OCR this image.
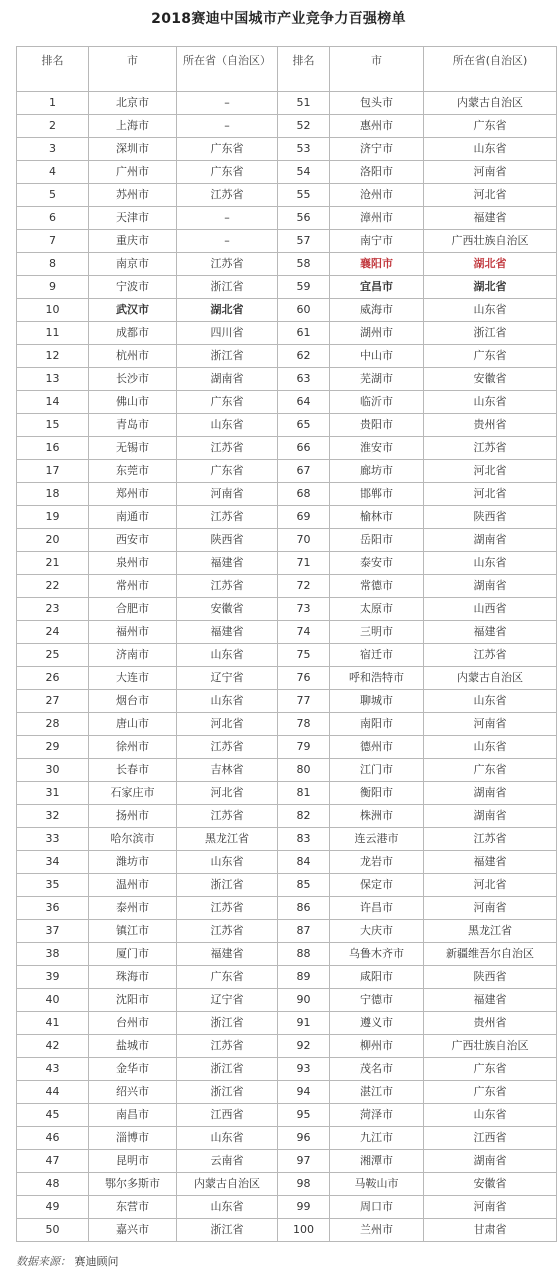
2018赛迪中国城市产业竞争力百强榜单
排名	市	所在省（自治区）	排名	市	所在省(自治区)
1	北京市	–	51	包头市	内蒙古自治区
2	上海市	–	52	惠州市	广东省
3	深圳市	广东省	53	济宁市	山东省
4	广州市	广东省	54	洛阳市	河南省
5	苏州市	江苏省	55	沧州市	河北省
6	天津市	–	56	漳州市	福建省
7	重庆市	–	57	南宁市	广西壮族自治区
8	南京市	江苏省	58	襄阳市	湖北省
9	宁波市	浙江省	59	宜昌市	湖北省
10	武汉市	湖北省	60	威海市	山东省
11	成都市	四川省	61	湖州市	浙江省
12	杭州市	浙江省	62	中山市	广东省
13	长沙市	湖南省	63	芜湖市	安徽省
14	佛山市	广东省	64	临沂市	山东省
15	青岛市	山东省	65	贵阳市	贵州省
16	无锡市	江苏省	66	淮安市	江苏省
17	东莞市	广东省	67	廊坊市	河北省
18	郑州市	河南省	68	邯郸市	河北省
19	南通市	江苏省	69	榆林市	陕西省
20	西安市	陕西省	70	岳阳市	湖南省
21	泉州市	福建省	71	泰安市	山东省
22	常州市	江苏省	72	常德市	湖南省
23	合肥市	安徽省	73	太原市	山西省
24	福州市	福建省	74	三明市	福建省
25	济南市	山东省	75	宿迁市	江苏省
26	大连市	辽宁省	76	呼和浩特市	内蒙古自治区
27	烟台市	山东省	77	聊城市	山东省
28	唐山市	河北省	78	南阳市	河南省
29	徐州市	江苏省	79	德州市	山东省
30	长春市	吉林省	80	江门市	广东省
31	石家庄市	河北省	81	衡阳市	湖南省
32	扬州市	江苏省	82	株洲市	湖南省
33	哈尔滨市	黑龙江省	83	连云港市	江苏省
34	潍坊市	山东省	84	龙岩市	福建省
35	温州市	浙江省	85	保定市	河北省
36	泰州市	江苏省	86	许昌市	河南省
37	镇江市	江苏省	87	大庆市	黑龙江省
38	厦门市	福建省	88	乌鲁木齐市	新疆维吾尔自治区
39	珠海市	广东省	89	咸阳市	陕西省
40	沈阳市	辽宁省	90	宁德市	福建省
41	台州市	浙江省	91	遵义市	贵州省
42	盐城市	江苏省	92	柳州市	广西壮族自治区
43	金华市	浙江省	93	茂名市	广东省
44	绍兴市	浙江省	94	湛江市	广东省
45	南昌市	江西省	95	菏泽市	山东省
46	淄博市	山东省	96	九江市	江西省
47	昆明市	云南省	97	湘潭市	湖南省
48	鄂尔多斯市	内蒙古自治区	98	马鞍山市	安徽省
49	东营市	山东省	99	周口市	河南省
50	嘉兴市	浙江省	100	兰州市	甘肃省
数据来源： 赛迪顾问
